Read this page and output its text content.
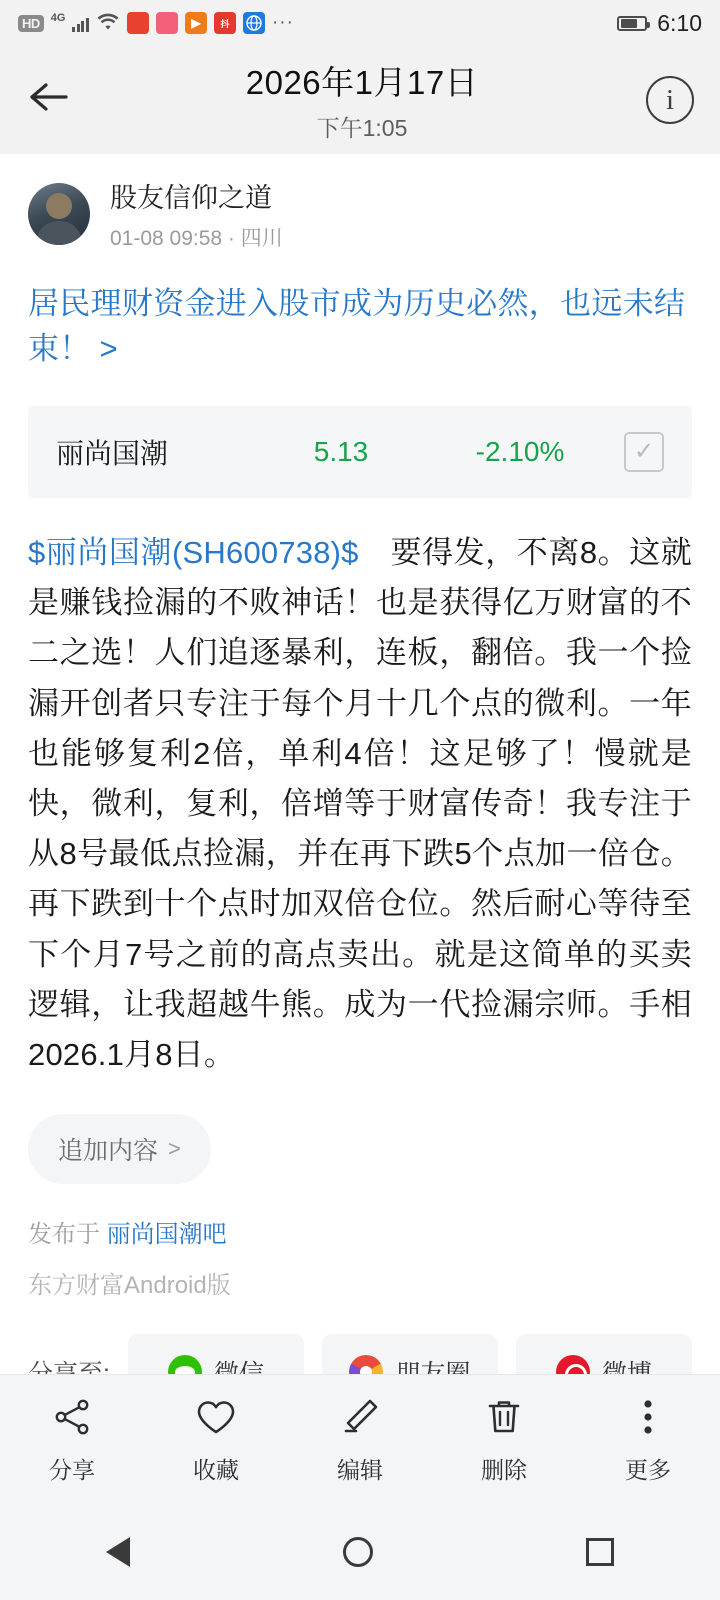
HD	4G	▶	抖	···	6:10
2026年1月17日
下午1:05
i
股友信仰之道
01-08 09:58 · 四川
居民理财资金进入股市成为历史必然，也远未结束！ >
丽尚国潮	5.13	-2.10%	✓
$丽尚国潮(SH600738)$　要得发，不离8。这就是赚钱捡漏的不败神话！也是获得亿万财富的不二之选！人们追逐暴利，连板，翻倍。我一个捡漏开创者只专注于每个月十几个点的微利。一年也能够复利2倍，单利4倍！这足够了！慢就是快，微利，复利，倍增等于财富传奇！我专注于从8号最低点捡漏，并在再下跌5个点加一倍仓。再下跌到十个点时加双倍仓位。然后耐心等待至下个月7号之前的高点卖出。就是这简单的买卖逻辑，让我超越牛熊。成为一代捡漏宗师。手相2026.1月8日。
追加内容 >
发布于 丽尚国潮吧
东方财富Android版
分享	收藏	编辑	删除	更多
